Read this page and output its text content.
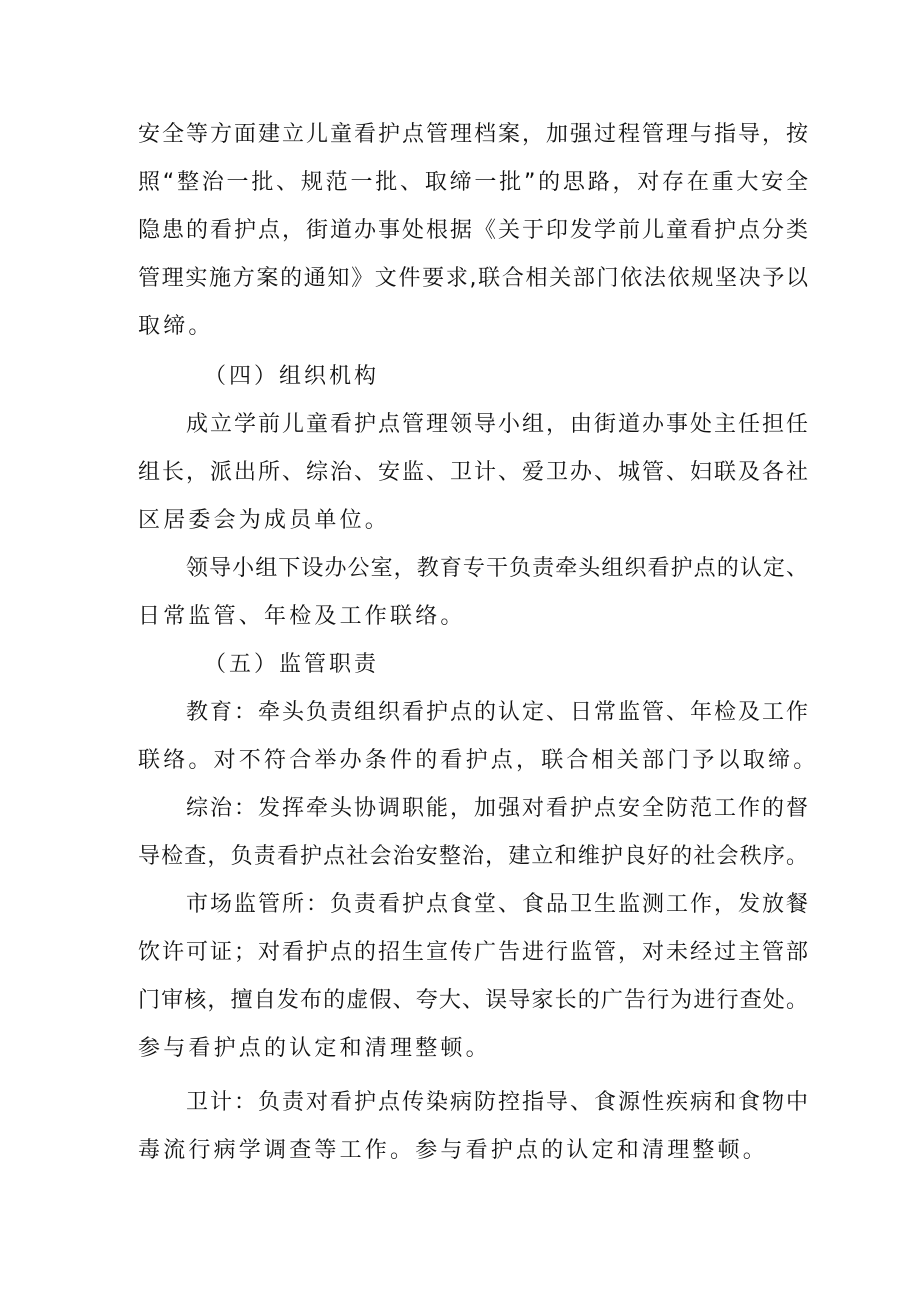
安全等方面建立儿童看护点管理档案，加强过程管理与指导，按
照“整治一批、规范一批、取缔一批”的思路，对存在重大安全
隐患的看护点，街道办事处根据《关于印发学前儿童看护点分类
管理实施方案的通知》文件要求,联合相关部门依法依规坚决予以
取缔。
（四）组织机构
成立学前儿童看护点管理领导小组，由街道办事处主任担任
组长，派出所、综治、安监、卫计、爱卫办、城管、妇联及各社
区居委会为成员单位。
领导小组下设办公室，教育专干负责牵头组织看护点的认定、
日常监管、年检及工作联络。
（五）监管职责
教育：牵头负责组织看护点的认定、日常监管、年检及工作
联络。对不符合举办条件的看护点，联合相关部门予以取缔。
综治：发挥牵头协调职能，加强对看护点安全防范工作的督
导检查，负责看护点社会治安整治，建立和维护良好的社会秩序。
市场监管所：负责看护点食堂、食品卫生监测工作，发放餐
饮许可证；对看护点的招生宣传广告进行监管，对未经过主管部
门审核，擅自发布的虚假、夸大、误导家长的广告行为进行查处。
参与看护点的认定和清理整顿。
卫计：负责对看护点传染病防控指导、食源性疾病和食物中
毒流行病学调查等工作。参与看护点的认定和清理整顿。
